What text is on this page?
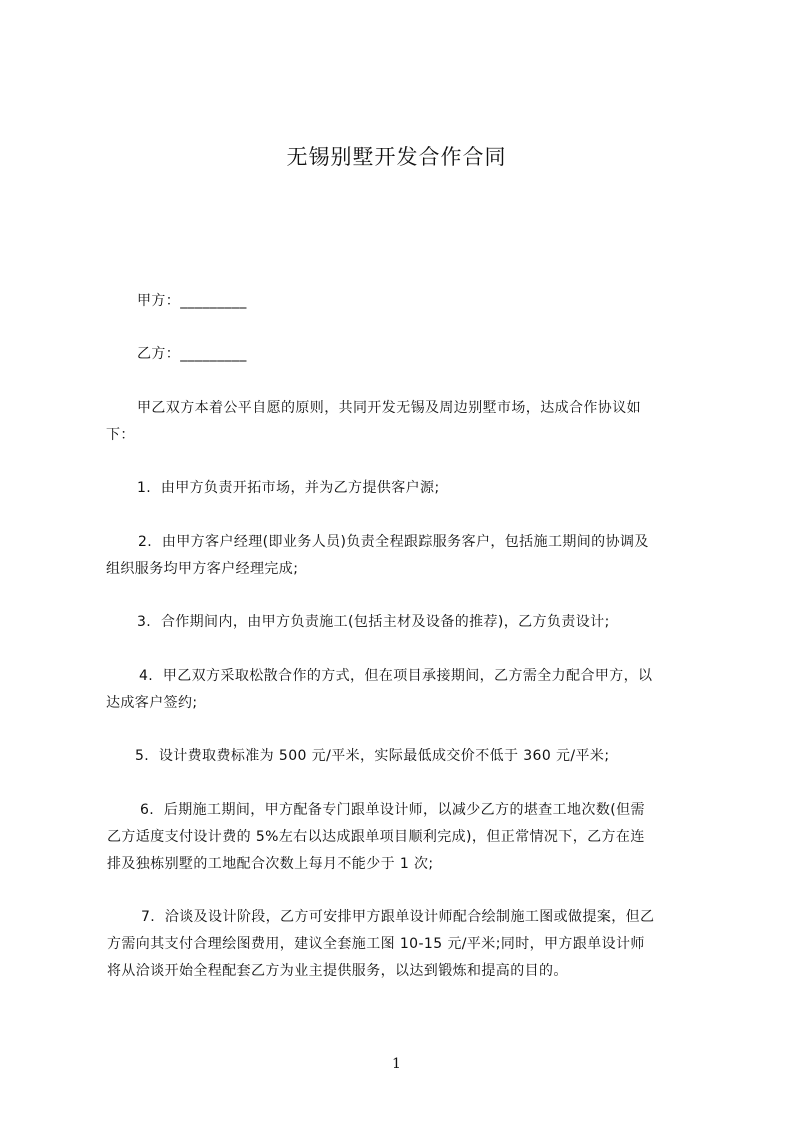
无锡别墅开发合作合同
甲方：_________
乙方：_________
甲乙双方本着公平自愿的原则，共同开发无锡及周边别墅市场，达成合作协议如
下：
1.  由甲方负责开拓市场，并为乙方提供客户源;
2.  由甲方客户经理(即业务人员)负责全程跟踪服务客户，包括施工期间的协调及
组织服务均甲方客户经理完成;
3.  合作期间内，由甲方负责施工(包括主材及设备的推荐)，乙方负责设计;
4.  甲乙双方采取松散合作的方式，但在项目承接期间，乙方需全力配合甲方，以
达成客户签约;
5.  设计费取费标准为 500 元/平米，实际最低成交价不低于 360 元/平米;
6.  后期施工期间，甲方配备专门跟单设计师，以减少乙方的堪查工地次数(但需
乙方适度支付设计费的 5%左右以达成跟单项目顺利完成)，但正常情况下，乙方在连
排及独栋别墅的工地配合次数上每月不能少于 1 次;
7.  洽谈及设计阶段，乙方可安排甲方跟单设计师配合绘制施工图或做提案，但乙
方需向其支付合理绘图费用，建议全套施工图 10-15 元/平米;同时，甲方跟单设计师
将从洽谈开始全程配套乙方为业主提供服务，以达到锻炼和提高的目的。
1
